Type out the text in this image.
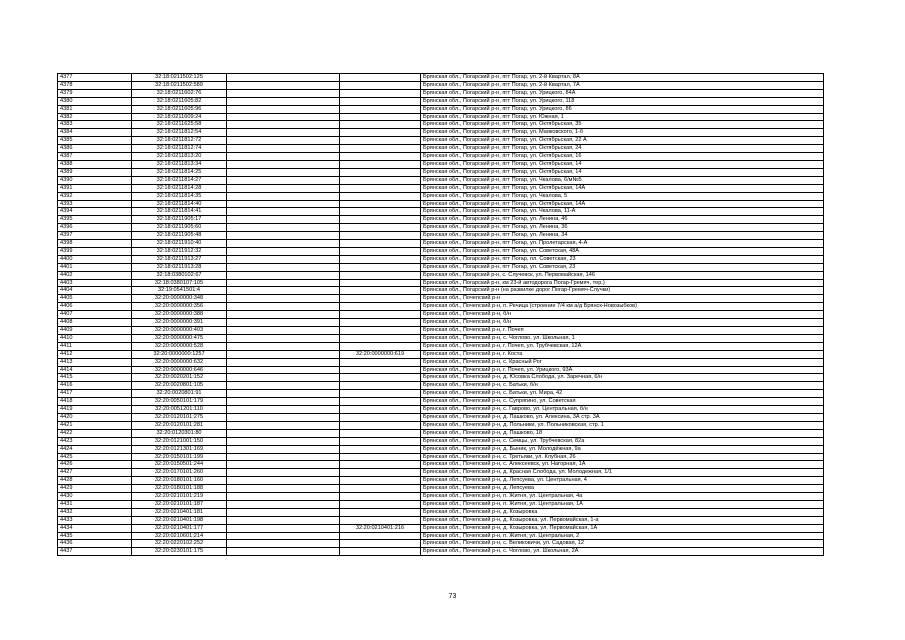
4377	32:18:0211502:125			Брянская обл., Погарский р-н, пгт Погар, ул. 2-й Квартал, 8А
4378	32:18:0211502:589			Брянская обл., Погарский р-н, пгт Погар, ул. 2-й Квартал, 7А
4379	32:18:0211602:76			Брянская обл., Погарский р-н, пгт Погар, ул. Урицкого, 84А
4380	32:18:0211605:82			Брянская обл., Погарский р-н, пгт Погар, ул. Урицкого, 118
4381	32:18:0211605:96			Брянская обл., Погарский р-н, пгт Погар, ул. Урицкого, 86
4382	32:18:0211609:24			Брянская обл., Погарский р-н, пгт Погар, ул. Южная, 1
4383	32:18:0211625:58			Брянская обл., Погарский р-н, пгт Погар, ул. Октябрьская, 35
4384	32:18:0211812:54			Брянская обл., Погарский р-н, пгт Погар, ул. Маяковского, 1-б
4385	32:18:0211812:72			Брянская обл., Погарский р-н, пгт Погар, ул. Октябрьская, 22 А
4386	32:18:0211812:74			Брянская обл., Погарский р-н, пгт Погар, ул. Октябрьская, 24
4387	32:18:0211813:20			Брянская обл., Погарский р-н, пгт Погар, ул. Октябрьская, 16
4388	32:18:0211813:34			Брянская обл., Погарский р-н, пгт Погар, ул. Октябрьская, 14
4389	32:18:0211814:25			Брянская обл., Погарский р-н, пгт Погар, ул. Октябрьская, 14
4390	32:18:0211814:27			Брянская обл., Погарский р-н, пгт Погар, ул. Чкалова, 6/м№5
4391	32:18:0211814:28			Брянская обл., Погарский р-н, пгт Погар, ул. Октябрьская, 14А
4392	32:18:0211814:35			Брянская обл., Погарский р-н, пгт Погар, ул. Чкалова, 5
4393	32:18:0211814:40			Брянская обл., Погарский р-н, пгт Погар, ул. Октябрьская, 14А
4394	32:18:0211814:41			Брянская обл., Погарский р-н, пгт Погар, ул. Чкалова, 11-А
4395	32:18:0211905:17			Брянская обл., Погарский р-н, пгт Погар, ул. Ленина, 46
4396	32:18:0211905:60			Брянская обл., Погарский р-н, пгт Погар, ул. Ленина, 36
4397	32:18:0211905:48			Брянская обл., Погарский р-н, пгт Погар, ул. Ленина, 34
4398	32:18:0211910:40			Брянская обл., Погарский р-н, пгт Погар, ул. Пролетарская, 4-А
4399	32:18:0211912:32			Брянская обл., Погарский р-н, пгт Погар, ул. Советская, 48А
4400	32:18:0211913:27			Брянская обл., Погарский р-н, пгт Погар, пл. Советская, 23
4401	32:18:0211913:28			Брянская обл., Погарский р-н, пгт Погар, ул. Советская, 23
4402	32:18:0380102:67			Брянская обл., Погарский р-н, с. Случевск, ул. Первомайская, 146
4403	32:18:0380107:105			Брянская обл., Погарский р-н, км 23-й автодорога Погар-Гремяч, тер.)
4404	32:19:0541501:4			Брянская обл., Погарский р-н (на развилке дорог Погар-Гремяч-Случки)
4405	32:20:0000000:348			Брянская обл., Почепский р-н
4406	32:20:0000000:356			Брянская обл., Почепский р-н, п. Речица (строение 7/4 км а/д Брянск-Новозыбков)
4407	32:20:0000000:388			Брянская обл., Почепский р-н, б/н
4408	32:20:0000000:391			Брянская обл., Почепский р-н, б/н
4409	32:20:0000000:403			Брянская обл., Почепский р-н, г. Почеп
4410	32:20:0000000:475			Брянская обл., Почепский р-н, с. Чоглово, ул. Школьная, 1
4411	32:20:0000000:528			Брянская обл., Почепский р-н, г. Почеп, ул. Трубчевская, 12А
4412	32:20:0000000:1257		32:20:0000000:619	Брянская обл., Почепский р-н, г. Коста
4413	32:20:0000000:632			Брянская обл., Почепский р-н, с. Красный Рог
4414	32:20:0000000:646			Брянская обл., Почепский р-н, г. Почеп, ул. Урицкого, 93А
4415	32:20:0020201:152			Брянская обл., Почепский р-н, д. Юсовка Слобода, ул. Заречная, 6/н
4416	32:20:0020801:105			Брянская обл., Почепский р-н, с. Батьки, б/н
4417	32:20:0020801:91			Брянская обл., Почепский р-н, с. Батьки, ул. Мира, 42
4418	32:20:0050101:179			Брянская обл., Почепский р-н, с. Супрягино, ул. Советская
4419	32:20:0051201:110			Брянская обл., Почепский р-н, с. Гаврово, ул. Центральная, б/н
4420	32:20:0120101:275			Брянская обл., Почепский р-н, д. Пашково, ул. Алексина, 3А стр. 3А
4421	32:20:0120101:281			Брянская обл., Почепский р-н, д. Польники, ул. Польниковская, стр. 1
4422	32:20:0120301:80			Брянская обл., Почепский р-н, д. Пашково, 18
4423	32:20:0121001:150			Брянская обл., Почепский р-н, с. Семцы, ул. Трубчевская, 82а
4424	32:20:0121301:169			Брянская обл., Почепский р-н, д. Быник, ул. Молодёжная, 9а
4425	32:20:0150101:199			Брянская обл., Почепский р-н, с. Третьяки, ул. Клубная, 26
4426	32:20:0150501:244			Брянская обл., Почепский р-н, с. Алексеевск, ул. Нагорная, 1А
4427	32:20:0170101:260			Брянская обл., Почепский р-н, д. Красная Слобода, ул. Молодежная, 1/1
4428	32:20:0180101:160			Брянская обл., Почепский р-н, д. Лепсуева, ул. Центральная, 4
4429	32:20:0180101:188			Брянская обл., Почепский р-н, д. Лепсуева
4430	32:20:0210101:219			Брянская обл., Почепский р-н, п. Житня, ул. Центральная, 4а
4431	32:20:0210101:187			Брянская обл., Почепский р-н, п. Житня, ул. Центральная, 1А
4432	32:20:0210401:181			Брянская обл., Почепский р-н, д. Козыровка
4433	32:20:0210401:198			Брянская обл., Почепский р-н, д. Козыровка, ул. Первомайская, 1-а
4434	32:20:0210401:177		32:20:0210401:216	Брянская обл., Почепский р-н, д. Козыровка, ул. Первомайская, 1А
4435	32:20:0210601:214			Брянская обл., Почепский р-н, п. Житня, ул. Центральная, 2
4436	32:20:0220102:252			Брянская обл., Почепский р-н, с. Великовичи, ул. Садовая, 12
4437	32:20:0230101:175			Брянская обл., Почепский р-н, с. Чоглово, ул. Школьная, 2А
73
